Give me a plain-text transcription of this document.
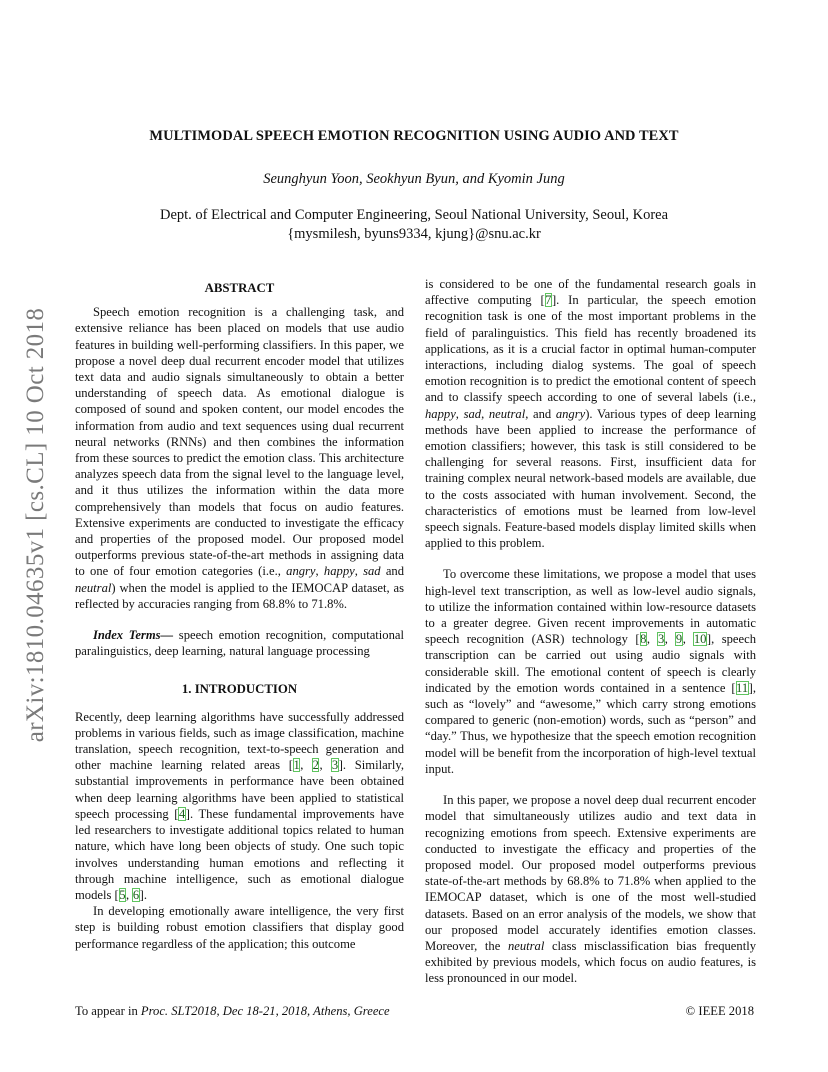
arXiv:1810.04635v1 [cs.CL] 10 Oct 2018
MULTIMODAL SPEECH EMOTION RECOGNITION USING AUDIO AND TEXT
Seunghyun Yoon, Seokhyun Byun, and Kyomin Jung
Dept. of Electrical and Computer Engineering, Seoul National University, Seoul, Korea
{mysmilesh, byuns9334, kjung}@snu.ac.kr
ABSTRACT

Speech emotion recognition is a challenging task, and extensive reliance has been placed on models that use audio features in building well-performing classifiers. In this paper, we propose a novel deep dual recurrent encoder model that utilizes text data and audio signals simultaneously to obtain a better understanding of speech data. As emotional dialogue is composed of sound and spoken content, our model encodes the information from audio and text sequences using dual recurrent neural networks (RNNs) and then combines the information from these sources to predict the emotion class. This architecture analyzes speech data from the signal level to the language level, and it thus utilizes the information within the data more comprehensively than models that focus on audio features. Extensive experiments are conducted to investigate the efficacy and properties of the proposed model. Our proposed model outperforms previous state-of-the-art methods in assigning data to one of four emotion categories (i.e., angry, happy, sad and neutral) when the model is applied to the IEMOCAP dataset, as reflected by accuracies ranging from 68.8% to 71.8%.

Index Terms— speech emotion recognition, computational paralinguistics, deep learning, natural language processing

1. INTRODUCTION

Recently, deep learning algorithms have successfully addressed problems in various fields, such as image classification, machine translation, speech recognition, text-to-speech generation and other machine learning related areas [1, 2, 3]. Similarly, substantial improvements in performance have been obtained when deep learning algorithms have been applied to statistical speech processing [4]. These fundamental improvements have led researchers to investigate additional topics related to human nature, which have long been objects of study. One such topic involves understanding human emotions and reflecting it through machine intelligence, such as emotional dialogue models [5, 6].

In developing emotionally aware intelligence, the very first step is building robust emotion classifiers that display good performance regardless of the application; this outcome

is considered to be one of the fundamental research goals in affective computing [7]. In particular, the speech emotion recognition task is one of the most important problems in the field of paralinguistics. This field has recently broadened its applications, as it is a crucial factor in optimal human-computer interactions, including dialog systems. The goal of speech emotion recognition is to predict the emotional content of speech and to classify speech according to one of several labels (i.e., happy, sad, neutral, and angry). Various types of deep learning methods have been applied to increase the performance of emotion classifiers; however, this task is still considered to be challenging for several reasons. First, insufficient data for training complex neural network-based models are available, due to the costs associated with human involvement. Second, the characteristics of emotions must be learned from low-level speech signals. Feature-based models display limited skills when applied to this problem.

To overcome these limitations, we propose a model that uses high-level text transcription, as well as low-level audio signals, to utilize the information contained within low-resource datasets to a greater degree. Given recent improvements in automatic speech recognition (ASR) technology [8, 3, 9, 10], speech transcription can be carried out using audio signals with considerable skill. The emotional content of speech is clearly indicated by the emotion words contained in a sentence [11], such as “lovely” and “awesome,” which carry strong emotions compared to generic (non-emotion) words, such as “person” and “day.” Thus, we hypothesize that the speech emotion recognition model will be benefit from the incorporation of high-level textual input.

In this paper, we propose a novel deep dual recurrent encoder model that simultaneously utilizes audio and text data in recognizing emotions from speech. Extensive experiments are conducted to investigate the efficacy and properties of the proposed model. Our proposed model outperforms previous state-of-the-art methods by 68.8% to 71.8% when applied to the IEMOCAP dataset, which is one of the most well-studied datasets. Based on an error analysis of the models, we show that our proposed model accurately identifies emotion classes. Moreover, the neutral class misclassification bias frequently exhibited by previous models, which focus on audio features, is less pronounced in our model.

To appear in Proc. SLT2018, Dec 18-21, 2018, Athens, Greece	© IEEE 2018
